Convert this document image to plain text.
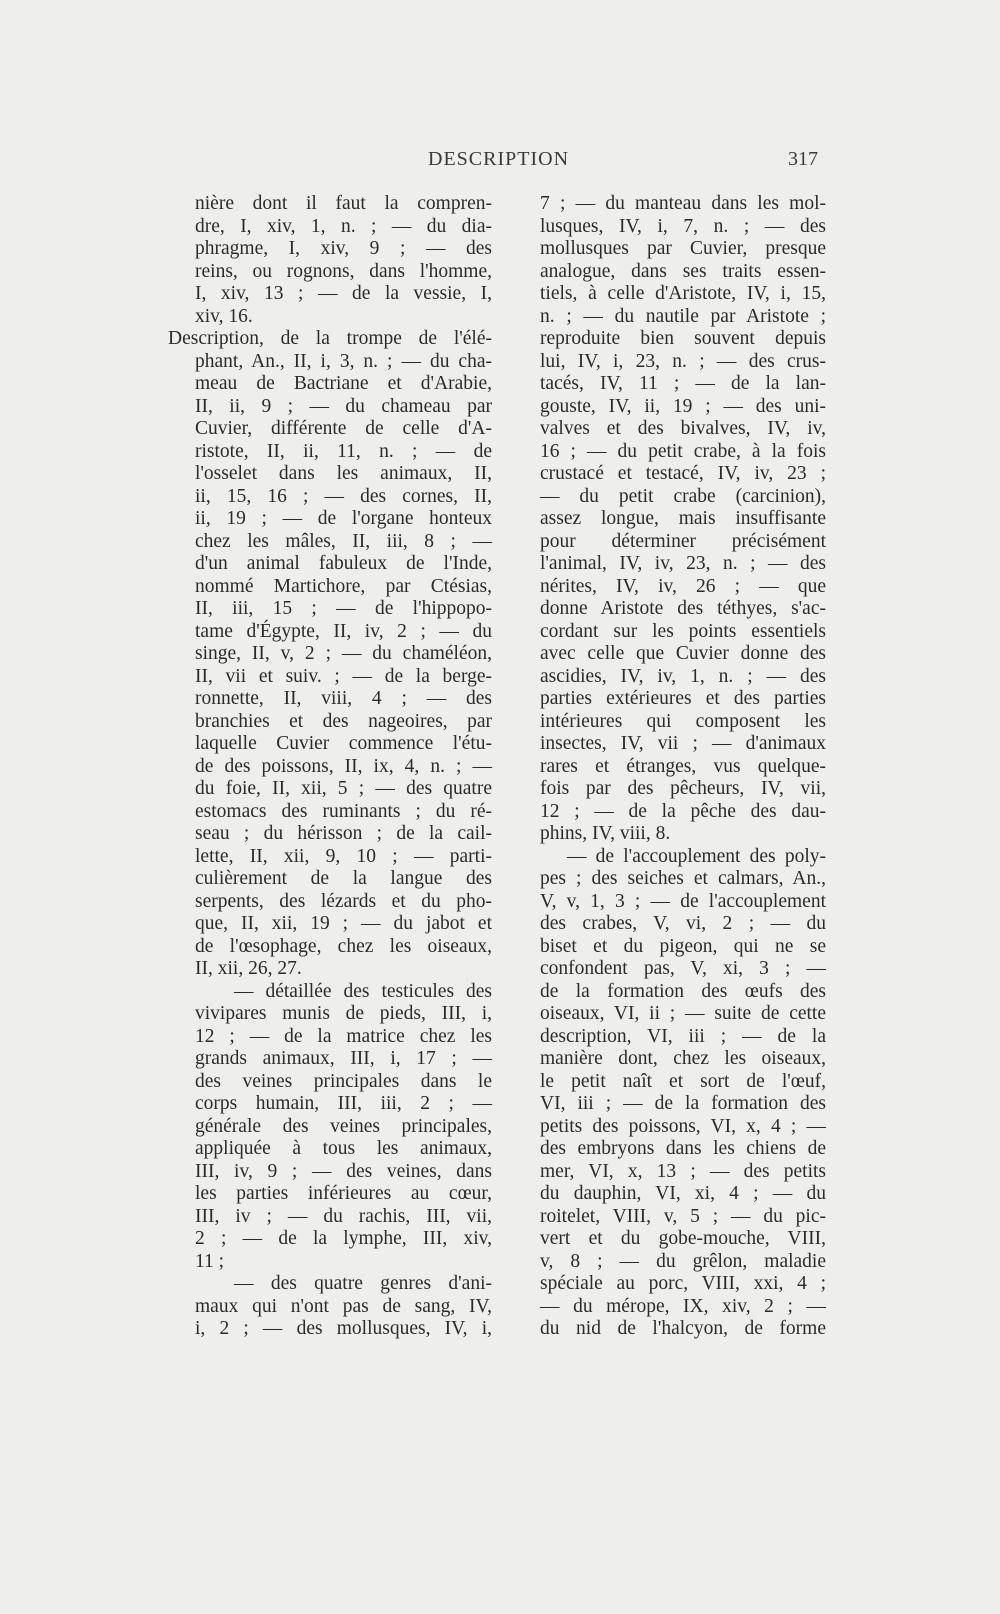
DESCRIPTION	317
nière dont il faut la compren-
dre, I, xiv, 1, n. ; — du dia-
phragme, I, xiv, 9 ; — des
reins, ou rognons, dans l'homme,
I, xiv, 13 ; — de la vessie, I,
xiv, 16.
Description, de la trompe de l'élé-
phant, An., II, i, 3, n. ; — du cha-
meau de Bactriane et d'Arabie,
II, ii, 9 ; — du chameau par
Cuvier, différente de celle d'A-
ristote, II, ii, 11, n. ; — de
l'osselet dans les animaux, II,
ii, 15, 16 ; — des cornes, II,
ii, 19 ; — de l'organe honteux
chez les mâles, II, iii, 8 ; —
d'un animal fabuleux de l'Inde,
nommé Martichore, par Ctésias,
II, iii, 15 ; — de l'hippopo-
tame d'Égypte, II, iv, 2 ; — du
singe, II, v, 2 ; — du chaméléon,
II, vii et suiv. ; — de la berge-
ronnette, II, viii, 4 ; — des
branchies et des nageoires, par
laquelle Cuvier commence l'étu-
de des poissons, II, ix, 4, n. ; —
du foie, II, xii, 5 ; — des quatre
estomacs des ruminants ; du ré-
seau ; du hérisson ; de la cail-
lette, II, xii, 9, 10 ; — parti-
culièrement de la langue des
serpents, des lézards et du pho-
que, II, xii, 19 ; — du jabot et
de l'œsophage, chez les oiseaux,
II, xii, 26, 27.
— détaillée des testicules des
vivipares munis de pieds, III, i,
12 ; — de la matrice chez les
grands animaux, III, i, 17 ; —
des veines principales dans le
corps humain, III, iii, 2 ; —
générale des veines principales,
appliquée à tous les animaux,
III, iv, 9 ; — des veines, dans
les parties inférieures au cœur,
III, iv ; — du rachis, III, vii,
2 ; — de la lymphe, III, xiv,
11 ;
— des quatre genres d'ani-
maux qui n'ont pas de sang, IV,
i, 2 ; — des mollusques, IV, i,
7 ; — du manteau dans les mol-
lusques, IV, i, 7, n. ; — des
mollusques par Cuvier, presque
analogue, dans ses traits essen-
tiels, à celle d'Aristote, IV, i, 15,
n. ; — du nautile par Aristote ;
reproduite bien souvent depuis
lui, IV, i, 23, n. ; — des crus-
tacés, IV, 11 ; — de la lan-
gouste, IV, ii, 19 ; — des uni-
valves et des bivalves, IV, iv,
16 ; — du petit crabe, à la fois
crustacé et testacé, IV, iv, 23 ;
— du petit crabe (carcinion),
assez longue, mais insuffisante
pour déterminer précisément
l'animal, IV, iv, 23, n. ; — des
nérites, IV, iv, 26 ; — que
donne Aristote des téthyes, s'ac-
cordant sur les points essentiels
avec celle que Cuvier donne des
ascidies, IV, iv, 1, n. ; — des
parties extérieures et des parties
intérieures qui composent les
insectes, IV, vii ; — d'animaux
rares et étranges, vus quelque-
fois par des pêcheurs, IV, vii,
12 ; — de la pêche des dau-
phins, IV, viii, 8.
— de l'accouplement des poly-
pes ; des seiches et calmars, An.,
V, v, 1, 3 ; — de l'accouplement
des crabes, V, vi, 2 ; — du
biset et du pigeon, qui ne se
confondent pas, V, xi, 3 ; —
de la formation des œufs des
oiseaux, VI, ii ; — suite de cette
description, VI, iii ; — de la
manière dont, chez les oiseaux,
le petit naît et sort de l'œuf,
VI, iii ; — de la formation des
petits des poissons, VI, x, 4 ; —
des embryons dans les chiens de
mer, VI, x, 13 ; — des petits
du dauphin, VI, xi, 4 ; — du
roitelet, VIII, v, 5 ; — du pic-
vert et du gobe-mouche, VIII,
v, 8 ; — du grêlon, maladie
spéciale au porc, VIII, xxi, 4 ;
— du mérope, IX, xiv, 2 ; —
du nid de l'halcyon, de forme
